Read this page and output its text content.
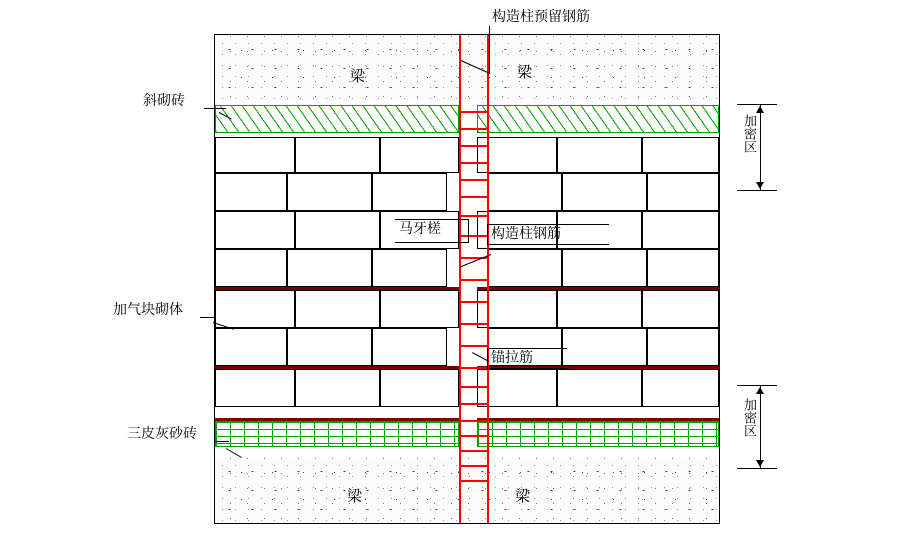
梁	梁
梁	梁
构造柱预留钢筋
斜砌砖
加气块砌体
三皮灰砂砖
马牙槎	构造柱钢筋
锚拉筋
加密区
加密区
